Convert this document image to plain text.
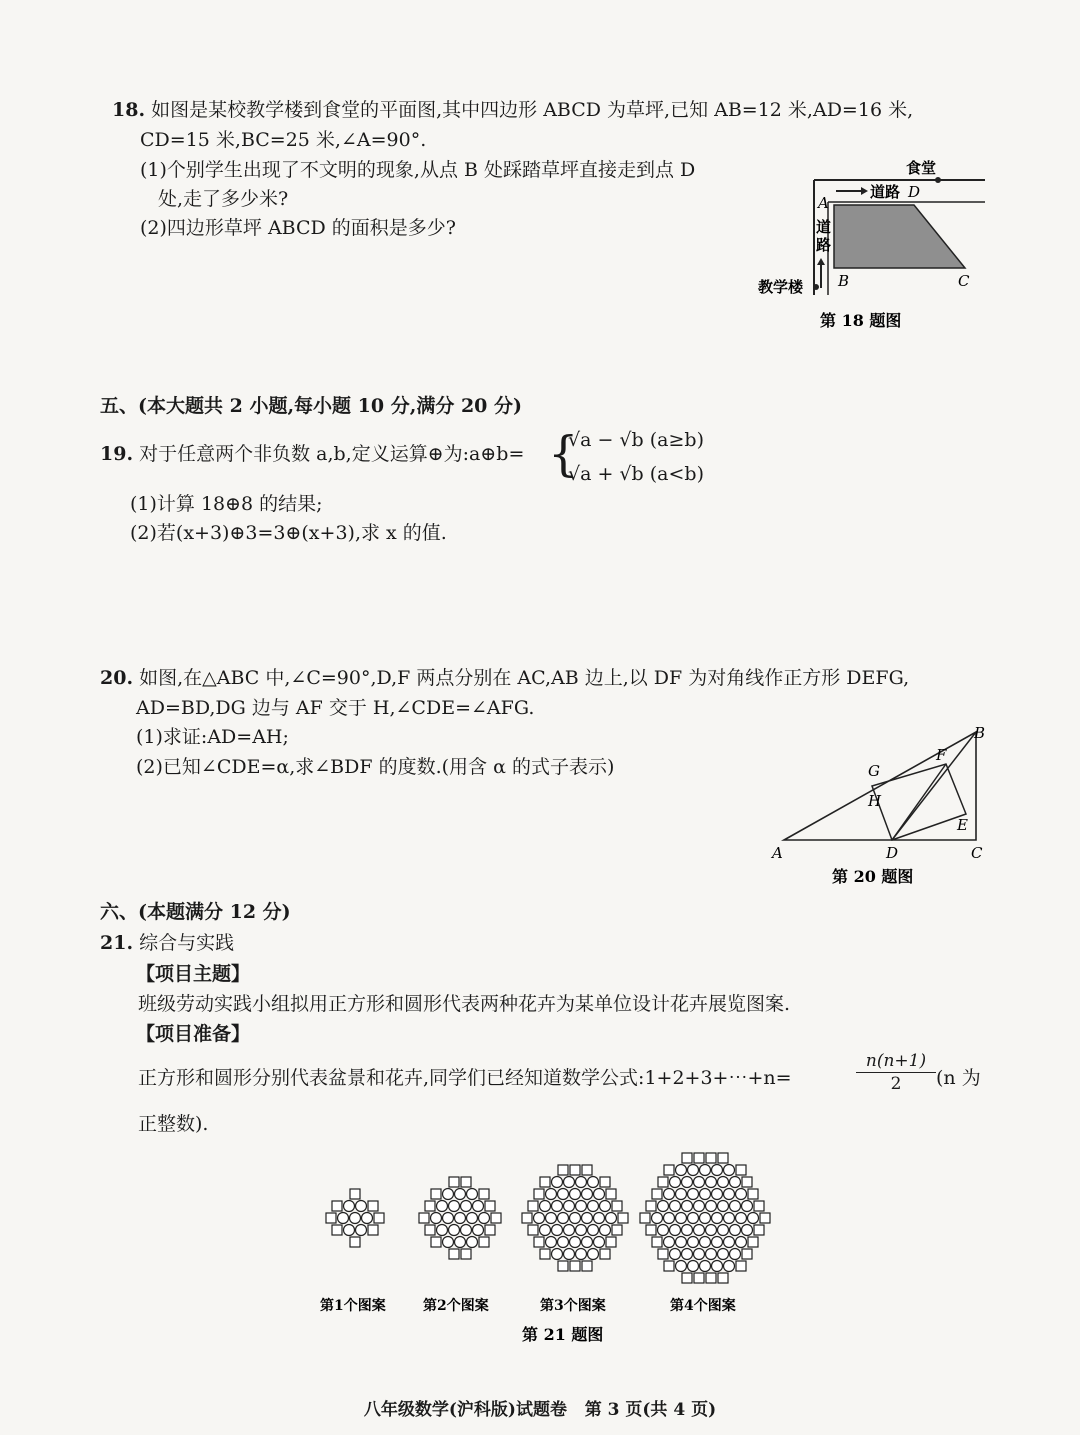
18. 如图是某校教学楼到食堂的平面图,其中四边形 ABCD 为草坪,已知 AB=12 米,AD=16 米,
CD=15 米,BC=25 米,∠A=90°.
(1)个别学生出现了不文明的现象,从点 B 处踩踏草坪直接走到点 D
处,走了多少米?
(2)四边形草坪 ABCD 的面积是多少?
食堂
道路 D
A
道
路
B	C
教学楼
第 18 题图
五、(本大题共 2 小题,每小题 10 分,满分 20 分)
19. 对于任意两个非负数 a,b,定义运算⊕为:a⊕b= {
√a − √b (a≥b)
√a + √b (a<b)
(1)计算 18⊕8 的结果;
(2)若(x+3)⊕3=3⊕(x+3),求 x 的值.
20. 如图,在△ABC 中,∠C=90°,D,F 两点分别在 AC,AB 边上,以 DF 为对角线作正方形 DEFG,
AD=BD,DG 边与 AF 交于 H,∠CDE=∠AFG.
(1)求证:AD=AH;
(2)已知∠CDE=α,求∠BDF 的度数.(用含 α 的式子表示)
A
B
C
D
E
F
G
H
第 20 题图
六、(本题满分 12 分)
21. 综合与实践
【项目主题】
班级劳动实践小组拟用正方形和圆形代表两种花卉为某单位设计花卉展览图案.
【项目准备】
正方形和圆形分别代表盆景和花卉,同学们已经知道数学公式:1+2+3+⋯+n=	$\frac{n(n+1)}{2} (n$ 为
正整数).
第1个图案	第2个图案	第3个图案	第4个图案
第 21 题图
八年级数学(沪科版)试题卷   第 3 页(共 4 页)
